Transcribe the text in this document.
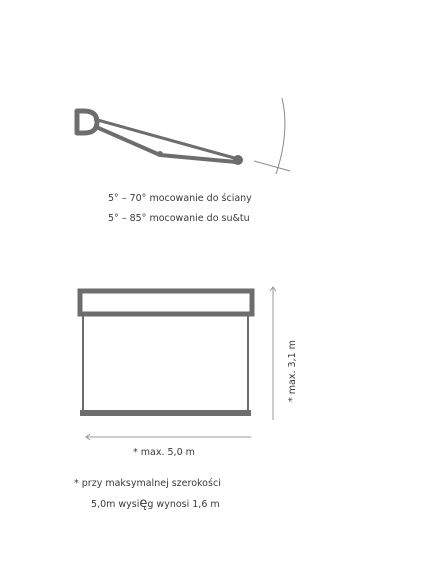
5° – 70° mocowanie do ściany
5° – 85° mocowanie do su&tu
* max. 5,0 m
* max. 3,1 m
* przy maksymalnej szerokości
5,0m wysięg wynosi 1,6 m
